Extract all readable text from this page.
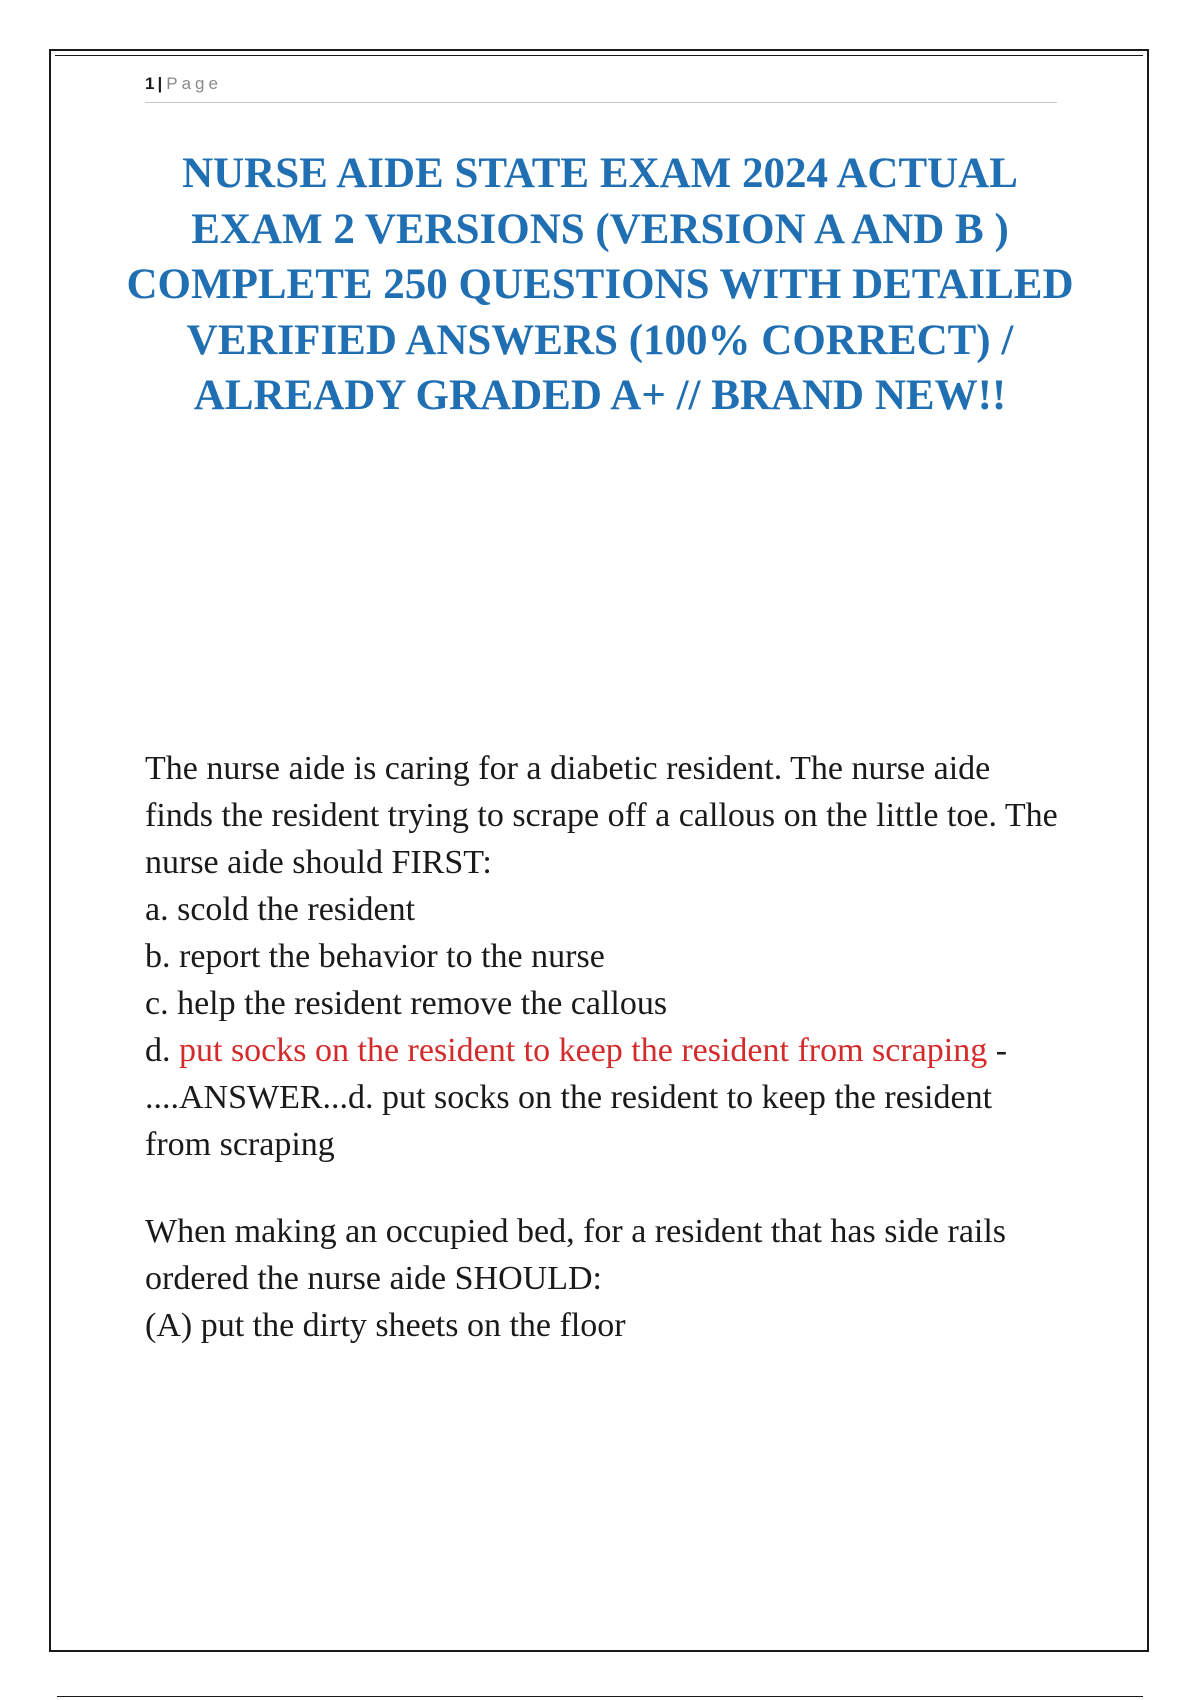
1 | Page
NURSE AIDE STATE EXAM 2024 ACTUAL EXAM 2 VERSIONS (VERSION A AND B ) COMPLETE 250 QUESTIONS WITH DETAILED VERIFIED ANSWERS (100% CORRECT) / ALREADY GRADED A+ // BRAND NEW!!

The nurse aide is caring for a diabetic resident. The nurse aide finds the resident trying to scrape off a callous on the little toe. The nurse aide should FIRST:

a. scold the resident

b. report the behavior to the nurse

c. help the resident remove the callous

d. put socks on the resident to keep the resident from scraping - ....ANSWER...d. put socks on the resident to keep the resident from scraping

When making an occupied bed, for a resident that has side rails ordered the nurse aide SHOULD:

(A) put the dirty sheets on the floor
